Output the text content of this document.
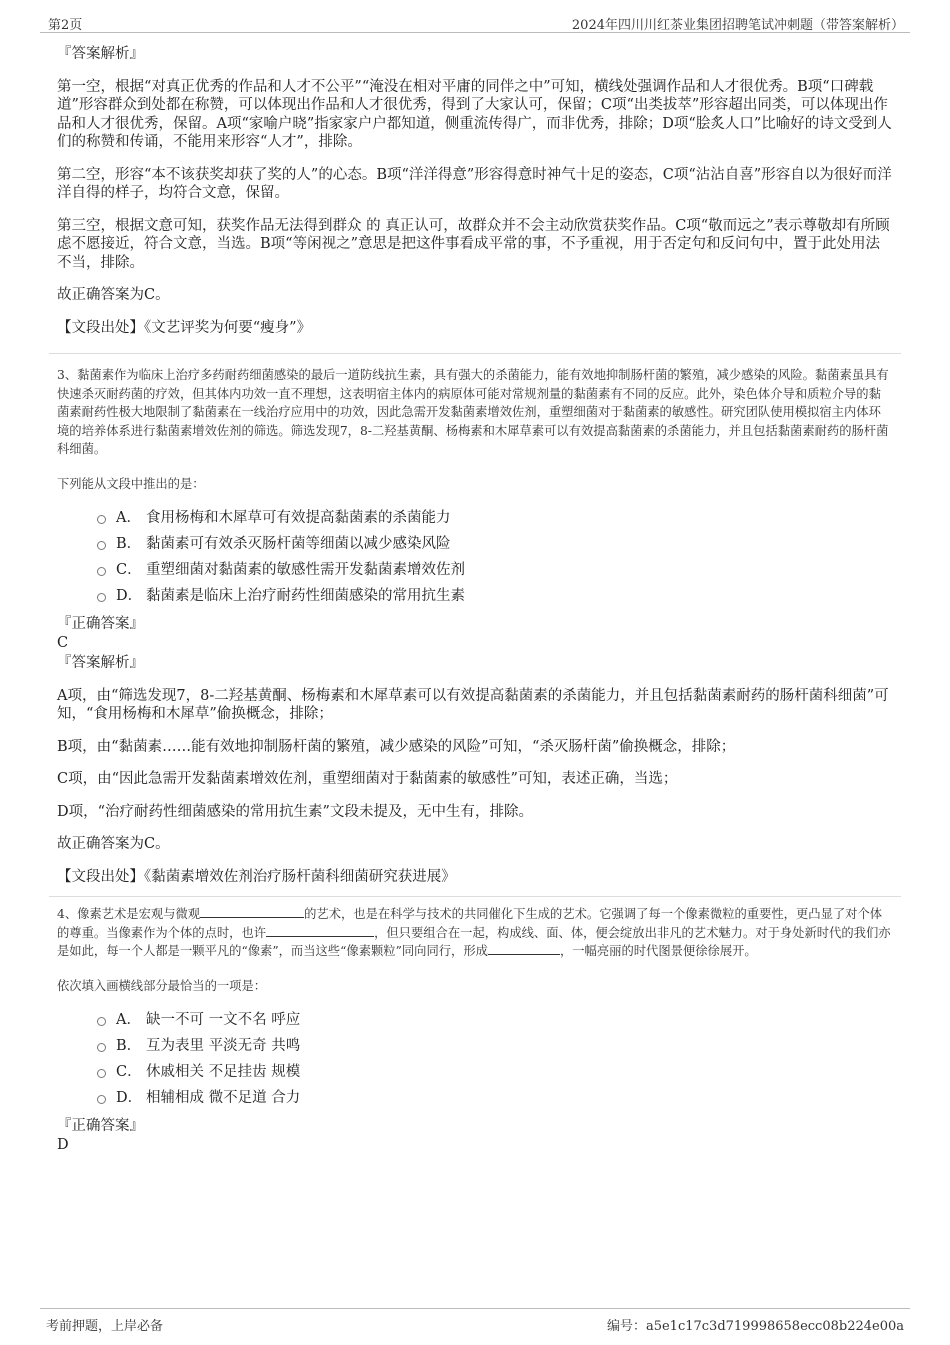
第2页	2024年四川川红茶业集团招聘笔试冲刺题（带答案解析）

『答案解析』

第一空，根据“对真正优秀的作品和人才不公平”“淹没在相对平庸的同伴之中”可知，横线处强调作品和人才很优秀。B项“口碑载道”形容群众到处都在称赞，可以体现出作品和人才很优秀，得到了大家认可，保留；C项“出类拔萃”形容超出同类，可以体现出作品和人才很优秀，保留。A项“家喻户晓”指家家户户都知道，侧重流传得广，而非优秀，排除；D项“脍炙人口”比喻好的诗文受到人们的称赞和传诵，不能用来形容“人才”，排除。

第二空，形容“本不该获奖却获了奖的人”的心态。B项“洋洋得意”形容得意时神气十足的姿态，C项“沾沾自喜”形容自以为很好而洋洋自得的样子，均符合文意，保留。

第三空，根据文意可知，获奖作品无法得到群众 的 真正认可，故群众并不会主动欣赏获奖作品。C项“敬而远之”表示尊敬却有所顾虑不愿接近，符合文意，当选。B项“等闲视之”意思是把这件事看成平常的事，不予重视，用于否定句和反问句中，置于此处用法不当，排除。

故正确答案为C。

【文段出处】《文艺评奖为何要“瘦身”》

3、黏菌素作为临床上治疗多药耐药细菌感染的最后一道防线抗生素，具有强大的杀菌能力，能有效地抑制肠杆菌的繁殖，减少感染的风险。黏菌素虽具有快速杀灭耐药菌的疗效，但其体内功效一直不理想，这表明宿主体内的病原体可能对常规剂量的黏菌素有不同的反应。此外，染色体介导和质粒介导的黏菌素耐药性极大地限制了黏菌素在一线治疗应用中的功效，因此急需开发黏菌素增效佐剂，重塑细菌对于黏菌素的敏感性。研究团队使用模拟宿主内体环境的培养体系进行黏菌素增效佐剂的筛选。筛选发现7，8-二羟基黄酮、杨梅素和木犀草素可以有效提高黏菌素的杀菌能力，并且包括黏菌素耐药的肠杆菌科细菌。

下列能从文段中推出的是：

A． 食用杨梅和木犀草可有效提高黏菌素的杀菌能力
B． 黏菌素可有效杀灭肠杆菌等细菌以减少感染风险
C． 重塑细菌对黏菌素的敏感性需开发黏菌素增效佐剂
D． 黏菌素是临床上治疗耐药性细菌感染的常用抗生素

『正确答案』

C

『答案解析』

A项，由“筛选发现7，8-二羟基黄酮、杨梅素和木犀草素可以有效提高黏菌素的杀菌能力，并且包括黏菌素耐药的肠杆菌科细菌”可知，“食用杨梅和木犀草”偷换概念，排除；

B项，由“黏菌素……能有效地抑制肠杆菌的繁殖，减少感染的风险”可知，“杀灭肠杆菌”偷换概念，排除；

C项，由“因此急需开发黏菌素增效佐剂，重塑细菌对于黏菌素的敏感性”可知，表述正确，当选；

D项，“治疗耐药性细菌感染的常用抗生素”文段未提及，无中生有，排除。

故正确答案为C。

【文段出处】《黏菌素增效佐剂治疗肠杆菌科细菌研究获进展》

4、像素艺术是宏观与微观	的艺术，也是在科学与技术的共同催化下生成的艺术。它强调了每一个像素微粒的重要性，更凸显了对个体的尊重。当像素作为个体的点时，也许	，但只要组合在一起，构成线、面、体，便会绽放出非凡的艺术魅力。对于身处新时代的我们亦是如此，每一个人都是一颗平凡的“像素”，而当这些“像素颗粒”同向同行，形成	，一幅亮丽的时代图景便徐徐展开。

依次填入画横线部分最恰当的一项是：

A． 缺一不可 一文不名 呼应
B． 互为表里 平淡无奇 共鸣
C． 休戚相关 不足挂齿 规模
D． 相辅相成 微不足道 合力

『正确答案』

D

考前押题，上岸必备	编号：a5e1c17c3d719998658ecc08b224e00a
